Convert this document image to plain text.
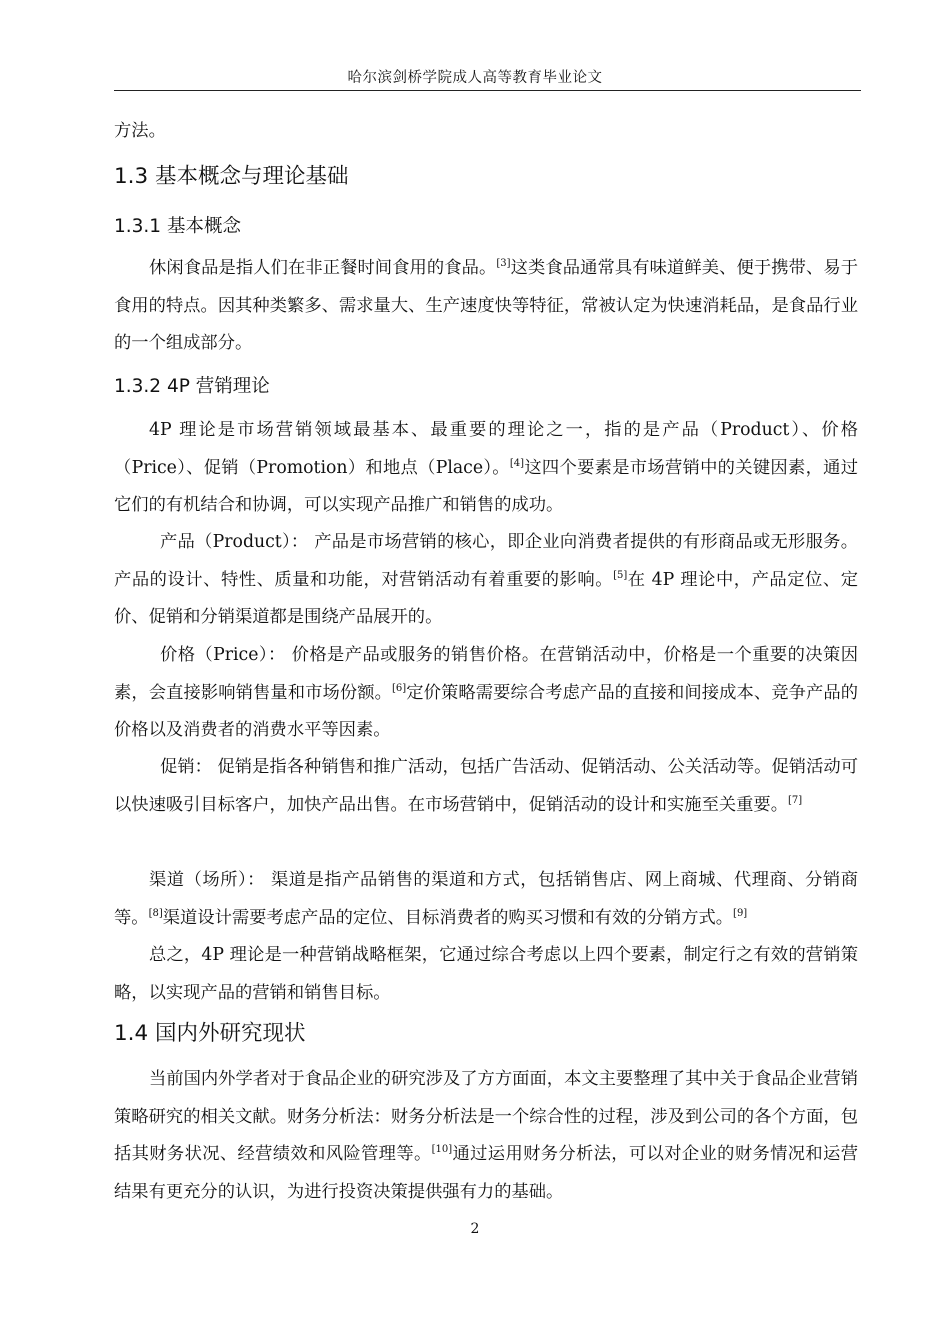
哈尔滨剑桥学院成人高等教育毕业论文

方法。

1.3 基本概念与理论基础

1.3.1 基本概念

休闲食品是指人们在非正餐时间食用的食品。[3]这类食品通常具有味道鲜美、便于携带、易于食用的特点。因其种类繁多、需求量大、生产速度快等特征，常被认定为快速消耗品，是食品行业的一个组成部分。

1.3.2 4P 营销理论

4P 理论是市场营销领域最基本、最重要的理论之一，指的是产品（Product）、价格（Price）、促销（Promotion）和地点（Place）。[4]这四个要素是市场营销中的关键因素，通过它们的有机结合和协调，可以实现产品推广和销售的成功。

产品（Product）： 产品是市场营销的核心，即企业向消费者提供的有形商品或无形服务。产品的设计、特性、质量和功能，对营销活动有着重要的影响。[5]在 4P 理论中，产品定位、定价、促销和分销渠道都是围绕产品展开的。

价格（Price）： 价格是产品或服务的销售价格。在营销活动中，价格是一个重要的决策因素，会直接影响销售量和市场份额。[6]定价策略需要综合考虑产品的直接和间接成本、竞争产品的价格以及消费者的消费水平等因素。

促销： 促销是指各种销售和推广活动，包括广告活动、促销活动、公关活动等。促销活动可以快速吸引目标客户，加快产品出售。在市场营销中，促销活动的设计和实施至关重要。[7]

渠道（场所）： 渠道是指产品销售的渠道和方式，包括销售店、网上商城、代理商、分销商等。[8]渠道设计需要考虑产品的定位、目标消费者的购买习惯和有效的分销方式。[9]

总之，4P 理论是一种营销战略框架，它通过综合考虑以上四个要素，制定行之有效的营销策略，以实现产品的营销和销售目标。

1.4 国内外研究现状

当前国内外学者对于食品企业的研究涉及了方方面面，本文主要整理了其中关于食品企业营销策略研究的相关文献。财务分析法：财务分析法是一个综合性的过程，涉及到公司的各个方面，包括其财务状况、经营绩效和风险管理等。[10]通过运用财务分析法，可以对企业的财务情况和运营结果有更充分的认识，为进行投资决策提供强有力的基础。

2
